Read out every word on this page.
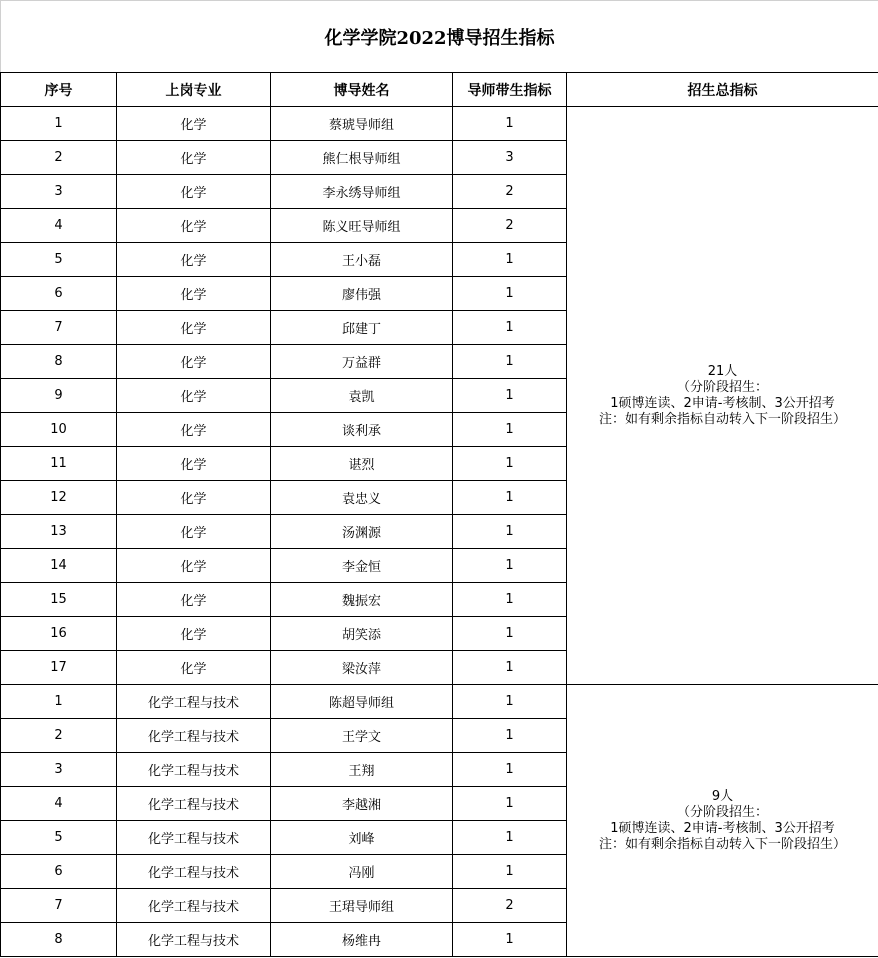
化学学院2022博导招生指标				
序号	上岗专业	博导姓名	导师带生指标	招生总指标
1	化学	蔡琥导师组	1	21人
（分阶段招生：
1硕博连读、2申请-考核制、3公开招考
注：如有剩余指标自动转入下一阶段招生）

2	化学	熊仁根导师组	3	
3	化学	李永绣导师组	2	
4	化学	陈义旺导师组	2	
5	化学	王小磊	1	
6	化学	廖伟强	1	
7	化学	邱建丁	1	
8	化学	万益群	1	
9	化学	袁凯	1	
10	化学	谈利承	1	
11	化学	谌烈	1	
12	化学	袁忠义	1	
13	化学	汤渊源	1	
14	化学	李金恒	1	
15	化学	魏振宏	1	
16	化学	胡笑添	1	
17	化学	梁汝萍	1	
1	化学工程与技术	陈超导师组	1	9人
（分阶段招生：
1硕博连读、2申请-考核制、3公开招考
注：如有剩余指标自动转入下一阶段招生）

2	化学工程与技术	王学文	1	
3	化学工程与技术	王翔	1	
4	化学工程与技术	李越湘	1	
5	化学工程与技术	刘峰	1	
6	化学工程与技术	冯刚	1	
7	化学工程与技术	王珺导师组	2	
8	化学工程与技术	杨维冉	1	
